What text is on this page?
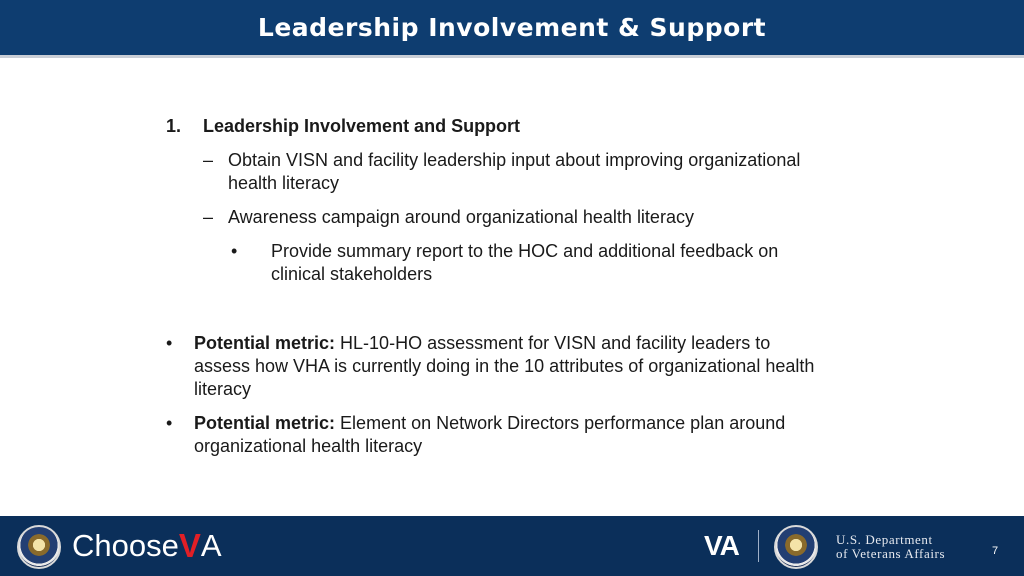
Leadership Involvement & Support
1. Leadership Involvement and Support
– Obtain VISN and facility leadership input about improving organizational
health literacy
– Awareness campaign around organizational health literacy
• Provide summary report to the HOC and additional feedback on
clinical stakeholders
• Potential metric: HL-10-HO assessment for VISN and facility leaders to
assess how VHA is currently doing in the 10 attributes of organizational health
literacy
• Potential metric: Element on Network Directors performance plan around
organizational health literacy
Choose V A	VA	U.S. Department
of Veterans Affairs	7
